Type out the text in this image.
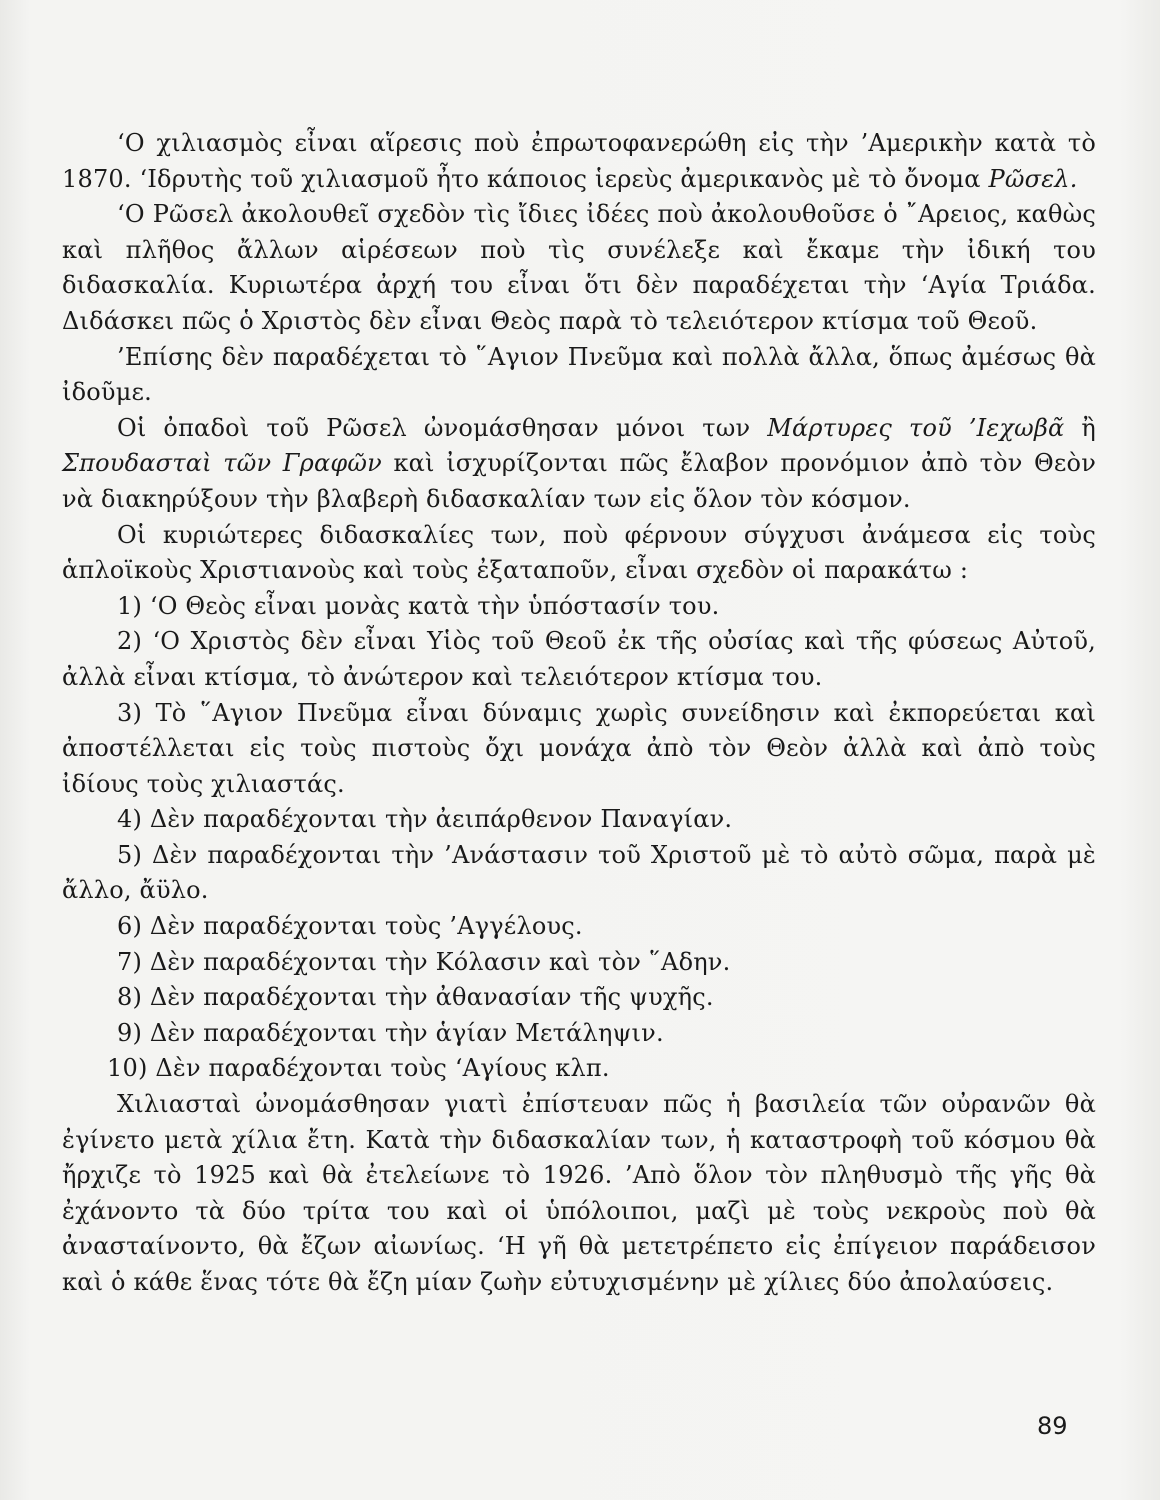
‘Ο χιλιασμὸς εἶναι αἵρεσις ποὺ ἐπρωτοφανερώθη εἰς τὴν ’Αμερικὴν κατὰ τὸ 1870. ‘Ιδρυτὴς τοῦ χιλιασμοῦ ἦτο κάποιος ἱερεὺς ἀμερικανὸς μὲ τὸ ὄνομα Ρῶσελ.

‘Ο Ρῶσελ ἀκολουθεῖ σχεδὸν τὶς ἴδιες ἰδέες ποὺ ἀκολουθοῦσε ὁ ῎Αρειος, καθὼς καὶ πλῆθος ἄλλων αἱρέσεων ποὺ τὶς συνέλεξε καὶ ἔκαμε τὴν ἰδική του διδασκαλία. Κυριωτέρα ἀρχή του εἶναι ὅτι δὲν παραδέχεται τὴν ‘Αγία Τριάδα. Διδάσκει πῶς ὁ Χριστὸς δὲν εἶναι Θεὸς παρὰ τὸ τελειότερον κτίσμα τοῦ Θεοῦ.

’Επίσης δὲν παραδέχεται τὸ ῞Αγιον Πνεῦμα καὶ πολλὰ ἄλλα, ὅπως ἀμέσως θὰ ἰδοῦμε.

Οἱ ὀπαδοὶ τοῦ Ρῶσελ ὠνομάσθησαν μόνοι των Μάρτυρες τοῦ ’Ιεχωβᾶ ἢ Σπουδασταὶ τῶν Γραφῶν καὶ ἰσχυρίζονται πῶς ἔλαβον προνόμιον ἀπὸ τὸν Θεὸν νὰ διακηρύξουν τὴν βλαβερὴ διδασκαλίαν των εἰς ὅλον τὸν κόσμον.

Οἱ κυριώτερες διδασκαλίες των, ποὺ φέρνουν σύγχυσι ἀνάμεσα εἰς τοὺς ἁπλοϊκοὺς Χριστιανοὺς καὶ τοὺς ἐξαταποῦν, εἶναι σχεδὸν οἱ παρακάτω :

1) ‘Ο Θεὸς εἶναι μονὰς κατὰ τὴν ὑπόστασίν του.

2) ‘Ο Χριστὸς δὲν εἶναι Υἱὸς τοῦ Θεοῦ ἐκ τῆς οὐσίας καὶ τῆς φύσεως Αὐτοῦ, ἀλλὰ εἶναι κτίσμα, τὸ ἀνώτερον καὶ τελειότερον κτίσμα του.

3) Τὸ ῞Αγιον Πνεῦμα εἶναι δύναμις χωρὶς συνείδησιν καὶ ἐκπορεύεται καὶ ἀποστέλλεται εἰς τοὺς πιστοὺς ὄχι μονάχα ἀπὸ τὸν Θεὸν ἀλλὰ καὶ ἀπὸ τοὺς ἰδίους τοὺς χιλιαστάς.

4) Δὲν παραδέχονται τὴν ἀειπάρθενον Παναγίαν.

5) Δὲν παραδέχονται τὴν ’Ανάστασιν τοῦ Χριστοῦ μὲ τὸ αὐτὸ σῶμα, παρὰ μὲ ἄλλο, ἄϋλο.

6) Δὲν παραδέχονται τοὺς ’Αγγέλους.

7) Δὲν παραδέχονται τὴν Κόλασιν καὶ τὸν ῞Αδην.

8) Δὲν παραδέχονται τὴν ἀθανασίαν τῆς ψυχῆς.

9) Δὲν παραδέχονται τὴν ἁγίαν Μετάληψιν.

10) Δὲν παραδέχονται τοὺς ‘Αγίους κλπ.

Χιλιασταὶ ὠνομάσθησαν γιατὶ ἐπίστευαν πῶς ἡ βασιλεία τῶν οὐρανῶν θὰ ἐγίνετο μετὰ χίλια ἔτη. Κατὰ τὴν διδασκαλίαν των, ἡ καταστροφὴ τοῦ κόσμου θὰ ἤρχιζε τὸ 1925 καὶ θὰ ἐτελείωνε τὸ 1926. ’Απὸ ὅλον τὸν πληθυσμὸ τῆς γῆς θὰ ἐχάνοντο τὰ δύο τρίτα του καὶ οἱ ὑπόλοιποι, μαζὶ μὲ τοὺς νεκροὺς ποὺ θὰ ἀνασταίνοντο, θὰ ἔζων αἰωνίως. ‘Η γῆ θὰ μετετρέπετο εἰς ἐπίγειον παράδεισον καὶ ὁ κάθε ἕνας τότε θὰ ἔζη μίαν ζωὴν εὐτυχισμένην μὲ χίλιες δύο ἀπολαύσεις.

89
